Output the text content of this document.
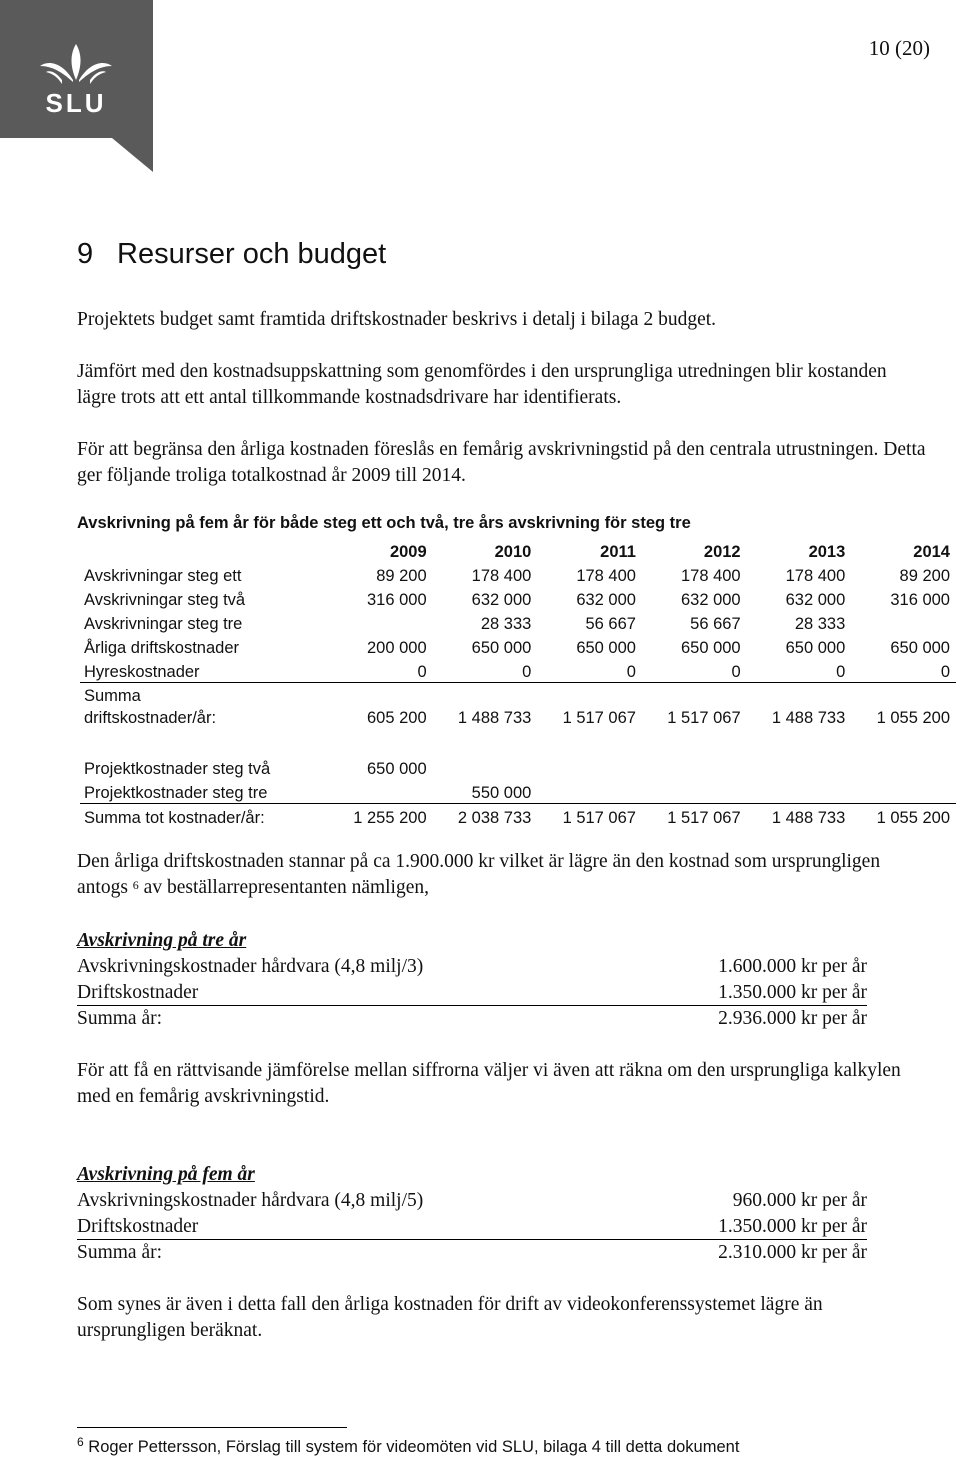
SLU
10 (20)
9 Resurser och budget

Projektets budget samt framtida driftskostnader beskrivs i detalj i bilaga 2 budget.

Jämfört med den kostnadsuppskattning som genomfördes i den ursprungliga utredningen blir kostanden lägre trots att ett antal tillkommande kostnadsdrivare har identifierats.

För att begränsa den årliga kostnaden föreslås en femårig avskrivningstid på den centrala utrustningen. Detta ger följande troliga totalkostnad år 2009 till 2014.

Avskrivning på fem år för både steg ett och två, tre års avskrivning för steg tre
	2009	2010	2011	2012	2013	2014
Avskrivningar steg ett	89 200	178 400	178 400	178 400	178 400	89 200
Avskrivningar steg två	316 000	632 000	632 000	632 000	632 000	316 000
Avskrivningar steg tre		28 333	56 667	56 667	28 333	
Årliga driftskostnader	200 000	650 000	650 000	650 000	650 000	650 000
Hyreskostnader	0	0	0	0	0	0

Summa
driftskostnader/år:	605 200	1 488 733	1 517 067	1 517 067	1 488 733	1 055 200

Projektkostnader steg två	650 000					
Projektkostnader steg tre		550 000				
Summa tot kostnader/år:	1 255 200	2 038 733	1 517 067	1 517 067	1 488 733	1 055 200

Den årliga driftskostnaden stannar på ca 1.900.000 kr vilket är lägre än den kostnad som ursprungligen antogs $^6$ av beställarrepresentanten nämligen,

Avskrivning på tre år
Avskrivningskostnader hårdvara (4,8 milj/3)	1.600.000 kr per år
Driftskostnader	1.350.000 kr per år
Summa år:	2.936.000 kr per år

För att få en rättvisande jämförelse mellan siffrorna väljer vi även att räkna om den ursprungliga kalkylen med en femårig avskrivningstid.

Avskrivning på fem år
Avskrivningskostnader hårdvara (4,8 milj/5)	960.000 kr per år
Driftskostnader	1.350.000 kr per år
Summa år:	2.310.000 kr per år

Som synes är även i detta fall den årliga kostnaden för drift av videokonferenssystemet lägre än ursprungligen beräknat.

$^6$ Roger Pettersson, Förslag till system för videomöten vid SLU, bilaga 4 till detta dokument
